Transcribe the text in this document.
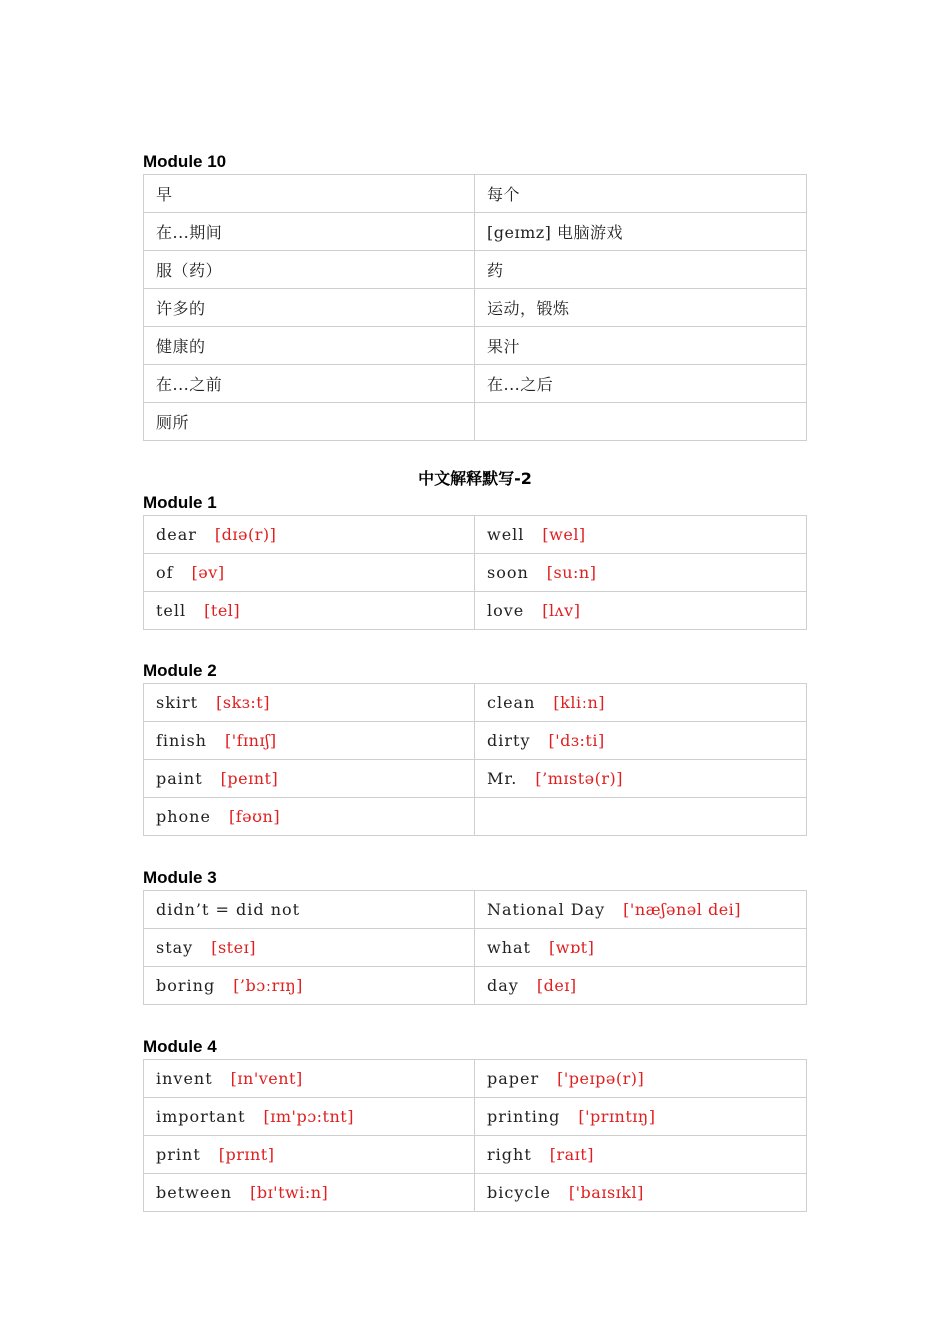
Module 10
早	每个
在...期间	[geɪmz] 电脑游戏
服（药）	药
许多的	运动，锻炼
健康的	果汁
在...之前	在...之后
厕所	
中文解释默写-2
Module 1
dear [dɪə(r)]	well [wel]
of [əv]	soon [su:n]
tell [tel]	love [lʌv]
Module 2
skirt [skɜ:t]	clean [kliːn]
finish ['fɪnɪʃ]	dirty ['dɜ:ti]
paint [peɪnt]	Mr. [’mɪstə(r)]
phone [fəʊn]	
Module 3
didn’t = did not	National Day ['næʃənəl dei]
stay [steɪ]	what [wɒt]
boring [’bɔːrɪŋ]	day [deɪ]
Module 4
invent [ɪn'vent]	paper ['peɪpə(r)]
important [ɪm'pɔ:tnt]	printing ['prɪntɪŋ]
print [prɪnt]	right [raɪt]
between [bɪ'twi:n]	bicycle ['baɪsɪkl]
